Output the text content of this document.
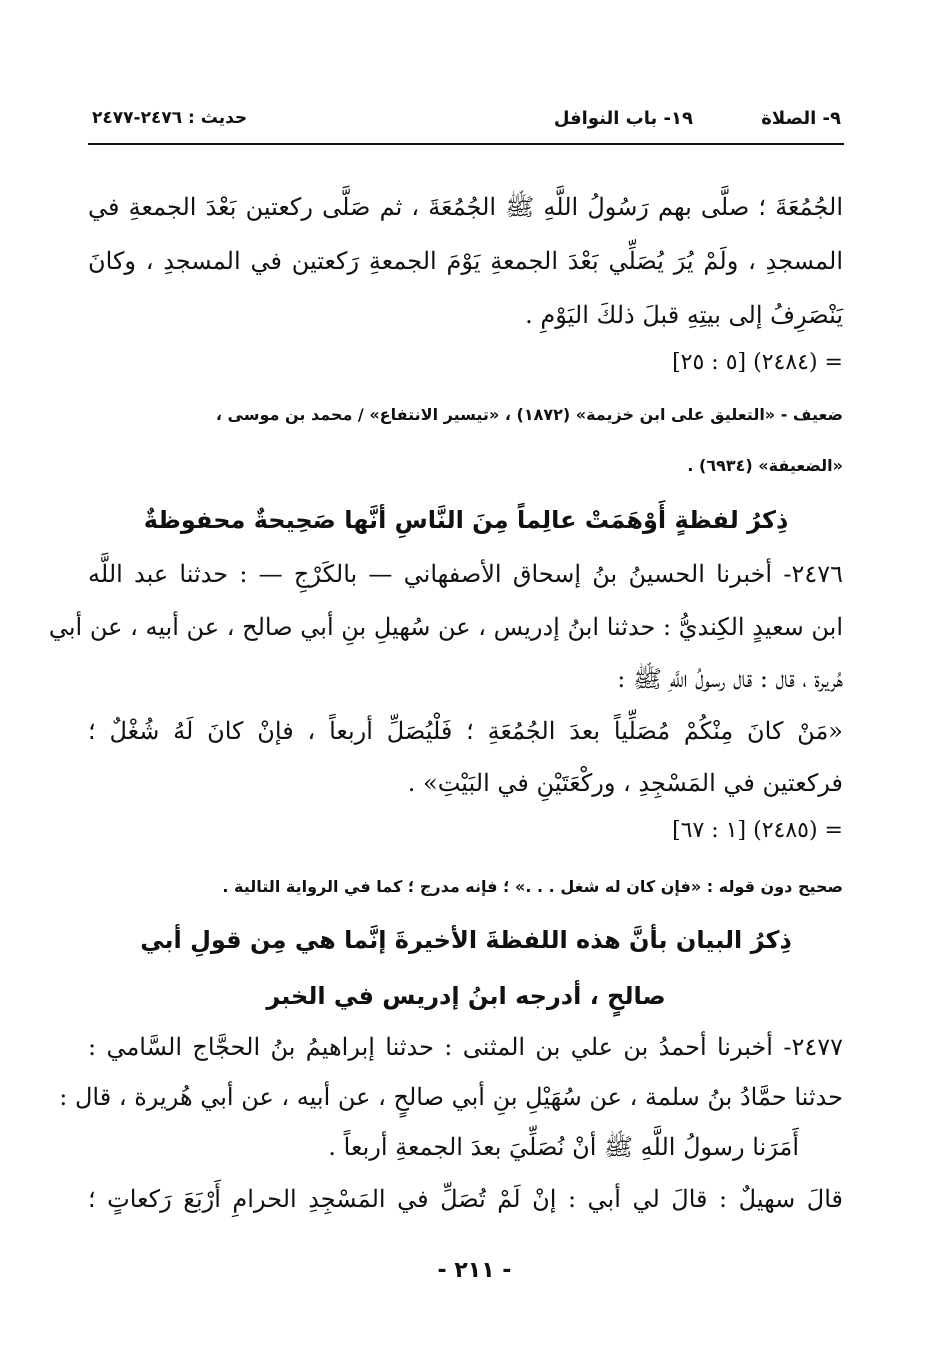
٩- الصلاة
١٩- باب النوافل
حديث : ٢٤٧٦-٢٤٧٧
الجُمُعَةَ ؛ صلَّى بهم رَسُولُ اللَّهِ ﷺ الجُمُعَةَ ، ثم صَلَّى ركعتين بَعْدَ الجمعةِ في
المسجدِ ، ولَمْ يُرَ يُصَلِّي بَعْدَ الجمعةِ يَوْمَ الجمعةِ رَكعتين في المسجدِ ، وكانَ
يَنْصَرِفُ إلى بيتِهِ قبلَ ذلكَ اليَوْمِ .
= (٢٤٨٤) [٥ : ٢٥]
ضعيف - «التعليق على ابن خزيمة» (١٨٧٢) ، «تيسير الانتفاع» / محمد بن موسى ،
«الضعيفة» (٦٩٣٤) .
ذِكرُ لفظةٍ أَوْهَمَتْ عالِماً مِنَ النَّاسِ أنَّها صَحِيحةٌ محفوظةٌ
٢٤٧٦- أخبرنا الحسينُ بنُ إسحاق الأصفهاني — بالكَرْجِ — : حدثنا عبد اللَّه
ابن سعيدٍ الكِنديُّ : حدثنا ابنُ إدريس ، عن سُهيلِ بنِ أبي صالح ، عن أبيه ، عن أبي
هُريرة ، قال : قال رسولُ اللَّهِ ﷺ :
«مَنْ كانَ مِنْكُمْ مُصَلِّياً بعدَ الجُمُعَةِ ؛ فَلْيُصَلِّ أربعاً ، فإنْ كانَ لَهُ شُغْلٌ ؛
فركعتين في المَسْجِدِ ، وركْعَتَيْنِ في البَيْتِ» .
= (٢٤٨٥) [١ : ٦٧]
صحيح دون قوله : «فإن كان له شغل . . .» ؛ فإنه مدرج ؛ كما في الرواية التالية .
ذِكرُ البيان بأنَّ هذه اللفظةَ الأخيرةَ إنَّما هي مِن قولِ أبي
صالحٍ ، أدرجه ابنُ إدريس في الخبر
٢٤٧٧- أخبرنا أحمدُ بن علي بن المثنى : حدثنا إبراهيمُ بنُ الحجَّاج السَّامي :
حدثنا حمَّادُ بنُ سلمة ، عن سُهَيْلِ بنِ أبي صالحٍ ، عن أبيه ، عن أبي هُريرة ، قال :
أَمَرَنا رسولُ اللَّهِ ﷺ أنْ نُصَلِّيَ بعدَ الجمعةِ أربعاً .
قالَ سهيلٌ : قالَ لي أبي : إنْ لَمْ تُصَلِّ في المَسْجِدِ الحرامِ أَرْبَعَ رَكعاتٍ ؛
- ٢١١ -
